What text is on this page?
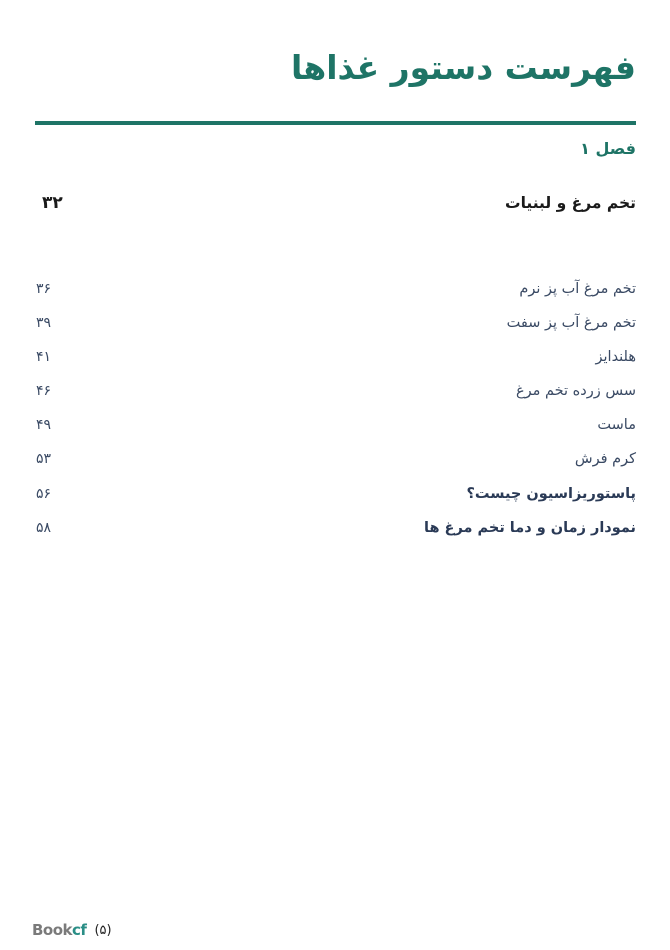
فهرست دستور غذاها
فصل ۱
تخم مرغ و لبنیات
۳۲
تخم مرغ آب پز نرم
۳۶
تخم مرغ آب پز سفت
۳۹
هلندایز
۴۱
سس زرده تخم مرغ
۴۶
ماست
۴۹
کرم فرش
۵۳
پاستوریزاسیون چیست؟
۵۶
نمودار زمان و دما تخم مرغ ها
۵۸
Bookcf (۵)
